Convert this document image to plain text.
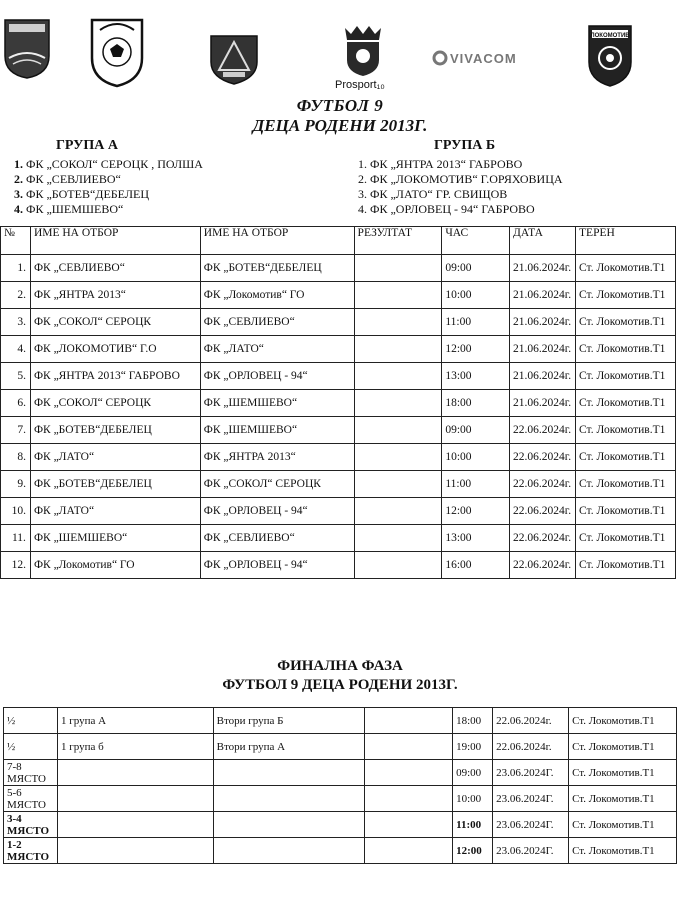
Prosport₁₀
VIVACOM
ЛОКОМОТИВ
ФУТБОЛ 9
ДЕЦА РОДЕНИ 2013Г.
ГРУПА А	ГРУПА Б
1. ФК „СОКОЛ“ СЕРОЦК , ПОЛША
2. ФК „СЕВЛИЕВО“
3. ФК „БОТЕВ“ДЕБЕЛЕЦ
4. ФК „ШЕМШЕВО“
1. ФК „ЯНТРА 2013“ ГАБРОВО
2. ФК „ЛОКОМОТИВ“ Г.ОРЯХОВИЦА
3. ФК „ЛАТО“ ГР. СВИЩОВ
4. ФК „ОРЛОВЕЦ - 94“ ГАБРОВО
№	ИМЕ НА ОТБОР	ИМЕ НА ОТБОР	РЕЗУЛТАТ	ЧАС	ДАТА	ТЕРЕН
1.	ФК „СЕВЛИЕВО“	ФК „БОТЕВ“ДЕБЕЛЕЦ		09:00	21.06.2024г.	Ст. Локомотив.Т1
2.	ФК „ЯНТРА 2013“	ФК „Локомотив“ ГО		10:00	21.06.2024г.	Ст. Локомотив.Т1
3.	ФК „СОКОЛ“ СЕРОЦК	ФК „СЕВЛИЕВО“		11:00	21.06.2024г.	Ст. Локомотив.Т1
4.	ФК „ЛОКОМОТИВ“ Г.О	ФК „ЛАТО“		12:00	21.06.2024г.	Ст. Локомотив.Т1
5.	ФК „ЯНТРА 2013“ ГАБРОВО	ФК „ОРЛОВЕЦ - 94“		13:00	21.06.2024г.	Ст. Локомотив.Т1
6.	ФК „СОКОЛ“ СЕРОЦК	ФК „ШЕМШЕВО“		18:00	21.06.2024г.	Ст. Локомотив.Т1
7.	ФК „БОТЕВ“ДЕБЕЛЕЦ	ФК „ШЕМШЕВО“		09:00	22.06.2024г.	Ст. Локомотив.Т1
8.	ФК „ЛАТО“	ФК „ЯНТРА 2013“		10:00	22.06.2024г.	Ст. Локомотив.Т1
9.	ФК „БОТЕВ“ДЕБЕЛЕЦ	ФК „СОКОЛ“ СЕРОЦК		11:00	22.06.2024г.	Ст. Локомотив.Т1
10.	ФК „ЛАТО“	ФК „ОРЛОВЕЦ - 94“		12:00	22.06.2024г.	Ст. Локомотив.Т1
11.	ФК „ШЕМШЕВО“	ФК „СЕВЛИЕВО“		13:00	22.06.2024г.	Ст. Локомотив.Т1
12.	ФК „Локомотив“ ГО	ФК „ОРЛОВЕЦ - 94“		16:00	22.06.2024г.	Ст. Локомотив.Т1
ФИНАЛНА ФАЗА
ФУТБОЛ 9 ДЕЦА РОДЕНИ 2013Г.
½	1 група А	Втори група Б		18:00	22.06.2024г.	Ст. Локомотив.Т1
½	1 група б	Втори група А		19:00	22.06.2024г.	Ст. Локомотив.Т1
7-8 МЯСТО				09:00	23.06.2024Г.	Ст. Локомотив.Т1
5-6 МЯСТО				10:00	23.06.2024Г.	Ст. Локомотив.Т1
3-4 МЯСТО				11:00	23.06.2024Г.	Ст. Локомотив.Т1
1-2 МЯСТО				12:00	23.06.2024Г.	Ст. Локомотив.Т1
